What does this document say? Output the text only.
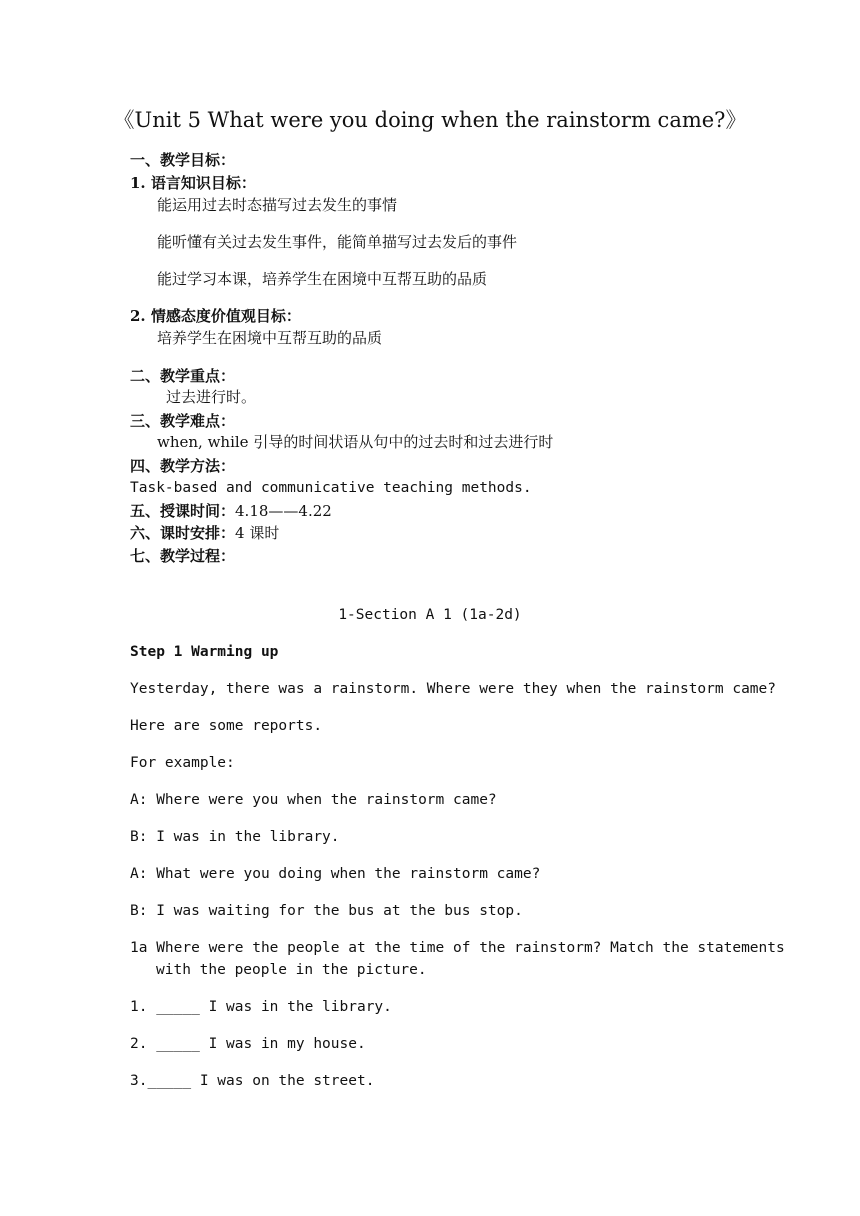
《Unit 5 What were you doing when the rainstorm came?》
一、教学目标：
1. 语言知识目标：
能运用过去时态描写过去发生的事情
能听懂有关过去发生事件，能简单描写过去发后的事件
能过学习本课，培养学生在困境中互帮互助的品质
2. 情感态度价值观目标：
培养学生在困境中互帮互助的品质
二、教学重点：
过去进行时。
三、教学难点：
when, while 引导的时间状语从句中的过去时和过去进行时
四、教学方法：
Task-based and communicative teaching methods.
五、授课时间：4.18——4.22
六、课时安排：4 课时
七、教学过程：
1-Section A 1 (1a-2d)
Step 1 Warming up
Yesterday, there was a rainstorm. Where were they when the rainstorm came?
Here are some reports.
For example:
A: Where were you when the rainstorm came?
B: I was in the library.
A: What were you doing when the rainstorm came?
B: I was waiting for the bus at the bus stop.
1a Where were the people at the time of the rainstorm? Match the statements
with the people in the picture.
1. _____ I was in the library.
2. _____ I was in my house.
3._____ I was on the street.
